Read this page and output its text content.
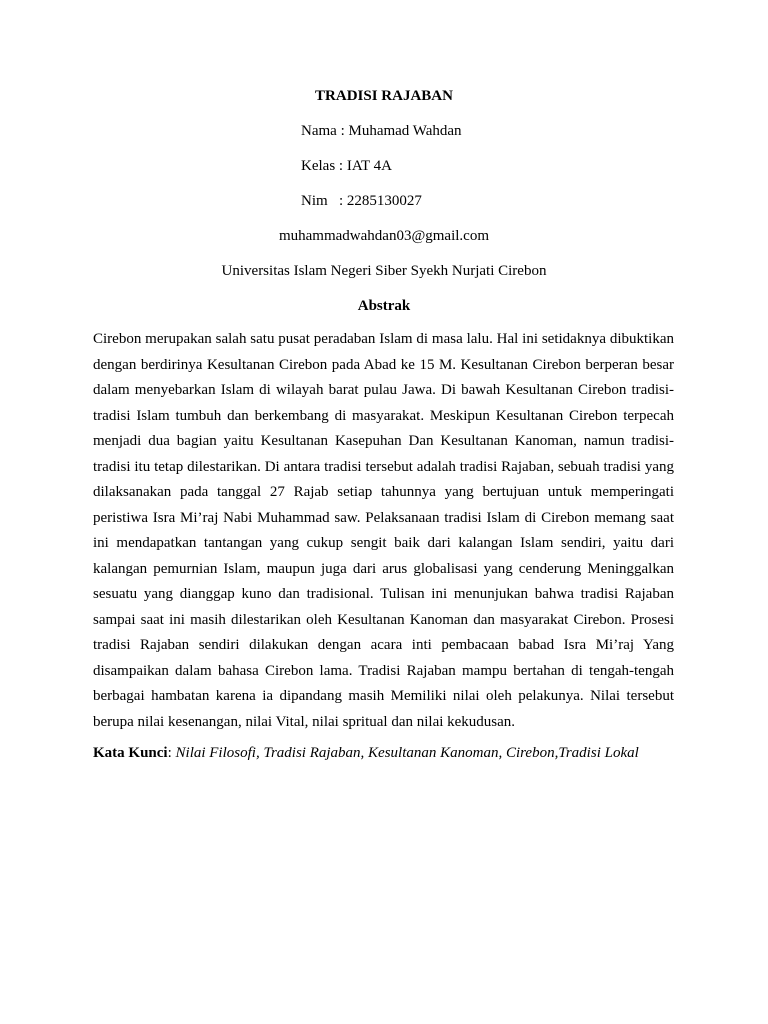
TRADISI RAJABAN
Nama : Muhamad Wahdan
Kelas : IAT 4A
Nim : 2285130027
muhammadwahdan03@gmail.com
Universitas Islam Negeri Siber Syekh Nurjati Cirebon
Abstrak
Cirebon merupakan salah satu pusat peradaban Islam di masa lalu. Hal ini setidaknya dibuktikan dengan berdirinya Kesultanan Cirebon pada Abad ke 15 M. Kesultanan Cirebon berperan besar dalam menyebarkan Islam di wilayah barat pulau Jawa. Di bawah Kesultanan Cirebon tradisi-tradisi Islam tumbuh dan berkembang di masyarakat. Meskipun Kesultanan Cirebon terpecah menjadi dua bagian yaitu Kesultanan Kasepuhan Dan Kesultanan Kanoman, namun tradisi-tradisi itu tetap dilestarikan. Di antara tradisi tersebut adalah tradisi Rajaban, sebuah tradisi yang dilaksanakan pada tanggal 27 Rajab setiap tahunnya yang bertujuan untuk memperingati peristiwa Isra Mi’raj Nabi Muhammad saw. Pelaksanaan tradisi Islam di Cirebon memang saat ini mendapatkan tantangan yang cukup sengit baik dari kalangan Islam sendiri, yaitu dari kalangan pemurnian Islam, maupun juga dari arus globalisasi yang cenderung Meninggalkan sesuatu yang dianggap kuno dan tradisional. Tulisan ini menunjukan bahwa tradisi Rajaban sampai saat ini masih dilestarikan oleh Kesultanan Kanoman dan masyarakat Cirebon. Prosesi tradisi Rajaban sendiri dilakukan dengan acara inti pembacaan babad Isra Mi’raj Yang disampaikan dalam bahasa Cirebon lama. Tradisi Rajaban mampu bertahan di tengah-tengah berbagai hambatan karena ia dipandang masih Memiliki nilai oleh pelakunya. Nilai tersebut berupa nilai kesenangan, nilai Vital, nilai spritual dan nilai kekudusan.
Kata Kunci: Nilai Filosofi, Tradisi Rajaban, Kesultanan Kanoman, Cirebon,Tradisi Lokal
